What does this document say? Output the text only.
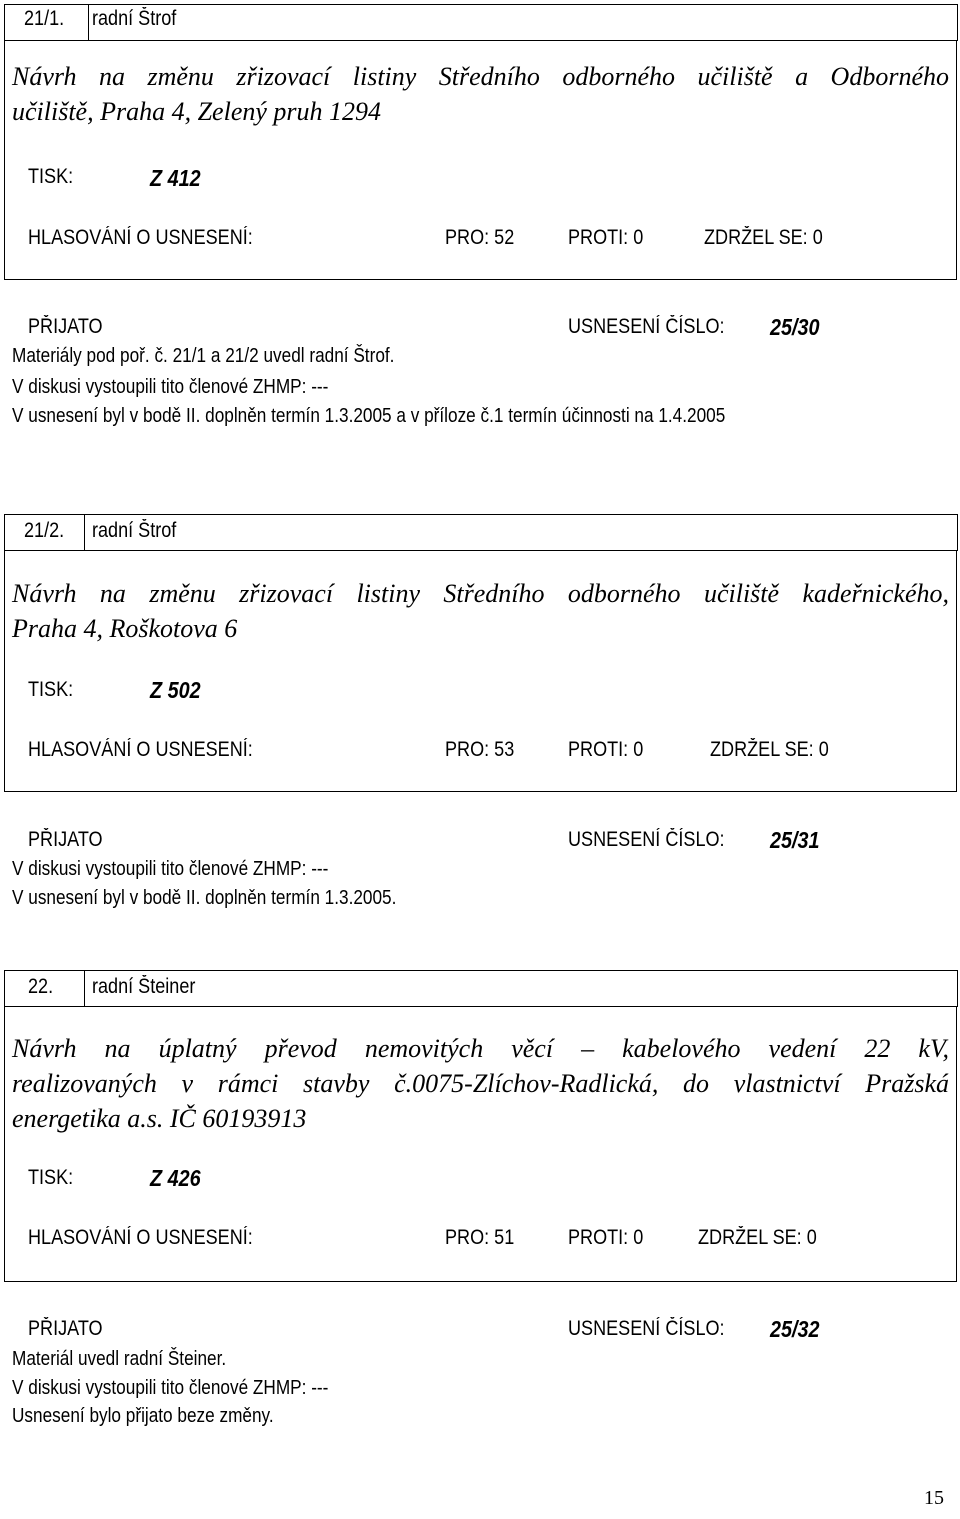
21/1. radní Štrof
Návrh na změnu zřizovací listiny Středního odborného učiliště a Odborného
učiliště, Praha 4, Zelený pruh 1294
TISK:	Z 412
HLASOVÁNÍ O USNESENÍ:	PRO: 52	PROTI: 0	ZDRŽEL SE: 0
PŘIJATO	USNESENÍ ČÍSLO: 25/30
Materiály pod poř. č. 21/1 a 21/2 uvedl radní Štrof.
V diskusi vystoupili tito členové ZHMP: ---
V usnesení byl v bodě II. doplněn termín 1.3.2005 a v příloze č.1 termín účinnosti na 1.4.2005
21/2. radní Štrof
Návrh na změnu zřizovací listiny Středního odborného učiliště kadeřnického,
Praha 4, Roškotova 6
TISK:	Z 502
HLASOVÁNÍ O USNESENÍ:	PRO: 53	PROTI: 0	ZDRŽEL SE: 0
PŘIJATO	USNESENÍ ČÍSLO: 25/31
V diskusi vystoupili tito členové ZHMP: ---
V usnesení byl v bodě II. doplněn termín 1.3.2005.
22. radní Šteiner
Návrh na úplatný převod nemovitých věcí – kabelového vedení 22 kV,
realizovaných v rámci stavby č.0075-Zlíchov-Radlická, do vlastnictví Pražská
energetika a.s. IČ 60193913
TISK:	Z 426
HLASOVÁNÍ O USNESENÍ:	PRO: 51	PROTI: 0	ZDRŽEL SE: 0
PŘIJATO	USNESENÍ ČÍSLO: 25/32
Materiál uvedl radní Šteiner.
V diskusi vystoupili tito členové ZHMP: ---
Usnesení bylo přijato beze změny.
15
